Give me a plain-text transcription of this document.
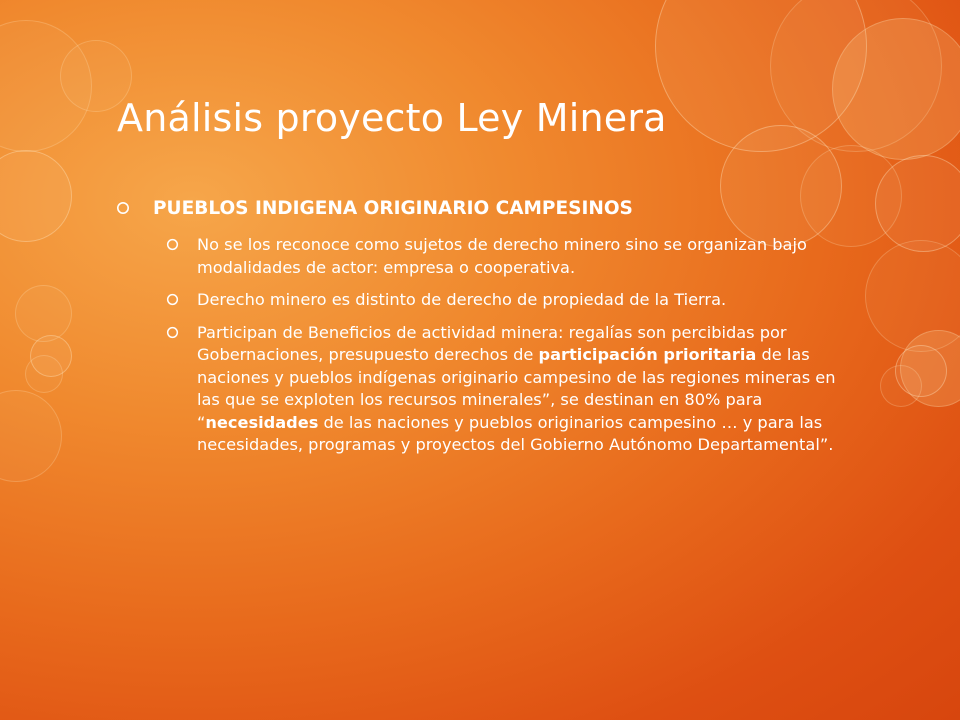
Análisis proyecto Ley Minera
PUEBLOS INDIGENA ORIGINARIO CAMPESINOS
No se los reconoce como sujetos de derecho minero sino se organizan bajo modalidades de actor: empresa o cooperativa.
Derecho minero es distinto de derecho de propiedad de la Tierra.
Participan de Beneficios de actividad minera: regalías son percibidas por Gobernaciones, presupuesto derechos de participación prioritaria de las naciones y pueblos indígenas originario campesino de las regiones mineras en las que se exploten los recursos minerales”, se destinan en 80% para “necesidades de las naciones y pueblos originarios campesino … y para las necesidades, programas y proyectos del Gobierno Autónomo Departamental”.
